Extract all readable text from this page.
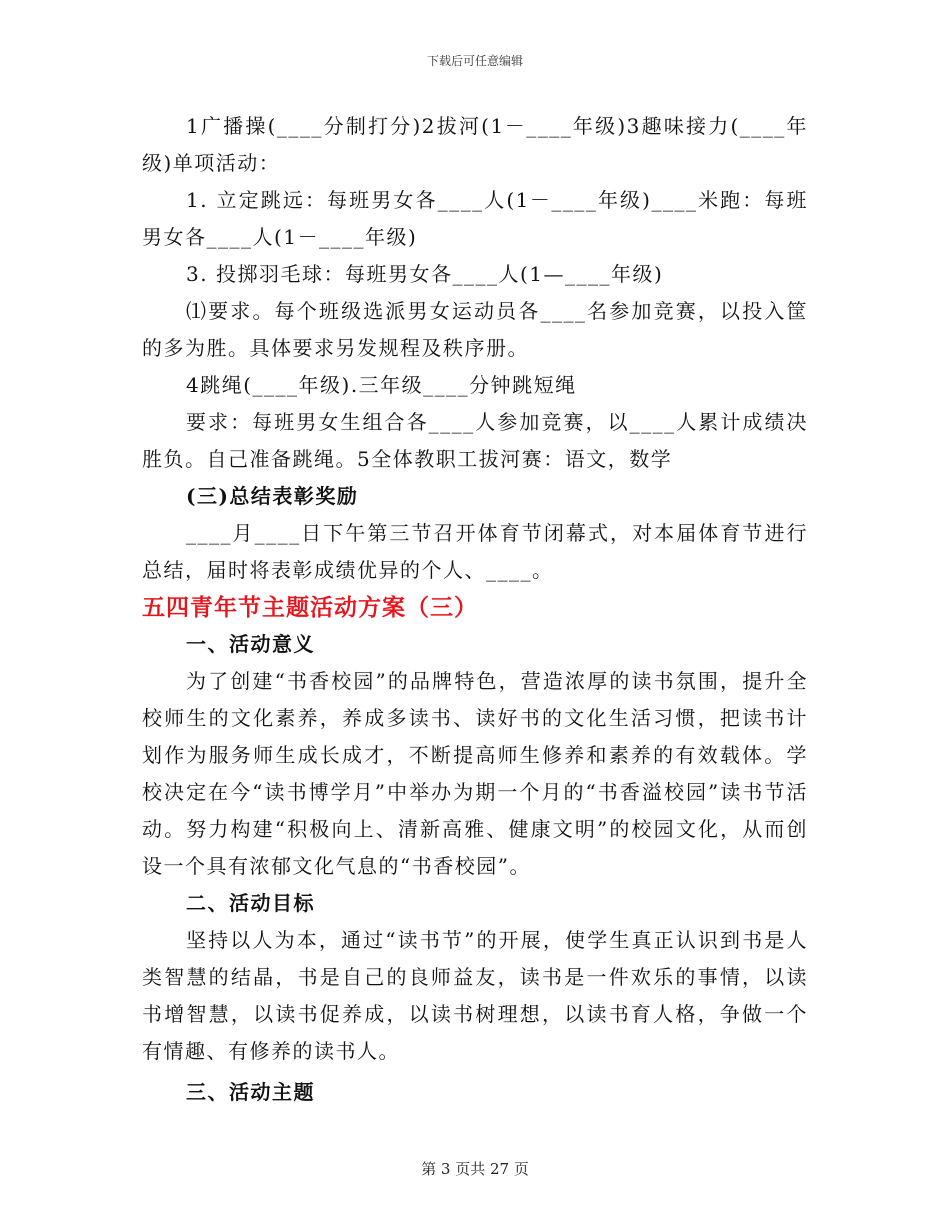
下载后可任意编辑

1广播操(____分制打分)2拔河(1－____年级)3趣味接力(____年级)单项活动：

1. 立定跳远：每班男女各____人(1－____年级)____米跑：每班男女各____人(1－____年级)

3. 投掷羽毛球：每班男女各____人(1—____年级)

⑴要求。每个班级选派男女运动员各____名参加竞赛，以投入筐的多为胜。具体要求另发规程及秩序册。

4跳绳(____年级).三年级____分钟跳短绳

要求：每班男女生组合各____人参加竞赛，以____人累计成绩决胜负。自己准备跳绳。5全体教职工拔河赛：语文，数学

(三)总结表彰奖励

____月____日下午第三节召开体育节闭幕式，对本届体育节进行总结，届时将表彰成绩优异的个人、____。

五四青年节主题活动方案（三）

一、活动意义

为了创建“书香校园”的品牌特色，营造浓厚的读书氛围，提升全校师生的文化素养，养成多读书、读好书的文化生活习惯，把读书计划作为服务师生成长成才，不断提高师生修养和素养的有效载体。学校决定在今“读书博学月”中举办为期一个月的“书香溢校园”读书节活动。努力构建“积极向上、清新高雅、健康文明”的校园文化，从而创设一个具有浓郁文化气息的“书香校园”。

二、活动目标

坚持以人为本，通过“读书节”的开展，使学生真正认识到书是人类智慧的结晶，书是自己的良师益友，读书是一件欢乐的事情，以读书增智慧，以读书促养成，以读书树理想，以读书育人格，争做一个有情趣、有修养的读书人。

三、活动主题

第 3 页共 27 页
